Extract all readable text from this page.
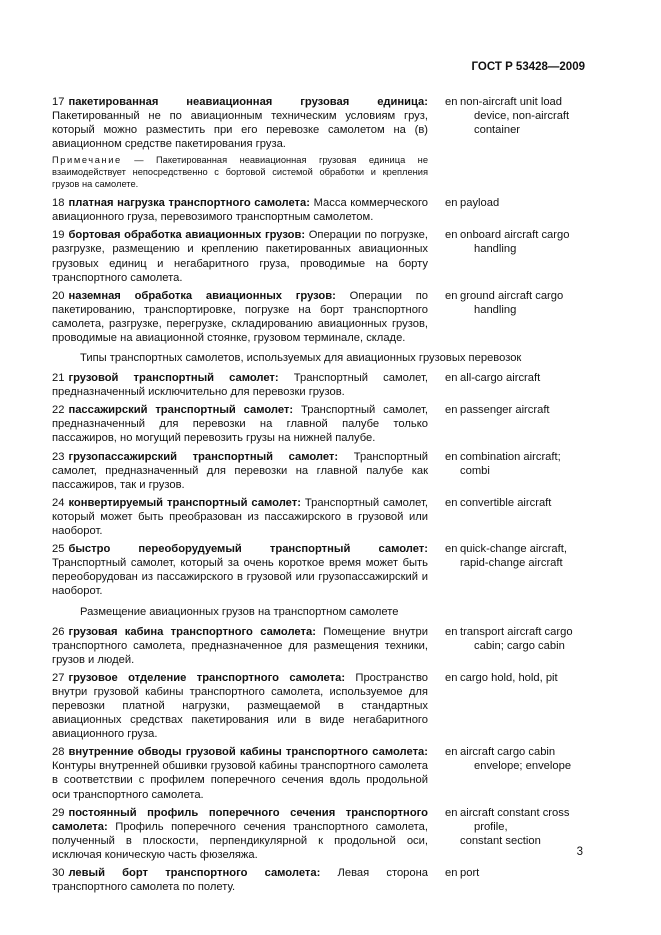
ГОСТ Р 53428—2009
17 пакетированная неавиационная грузовая единица: Пакетированный не по авиационным техническим условиям груз, который можно разместить при его перевозке самолетом на (в) авиационном средстве пакетирования груза.
en non-aircraft unit load device, non-aircraft container
Примечание — Пакетированная неавиационная грузовая единица не взаимодействует непосредственно с бортовой системой обработки и крепления грузов на самолете.
18 платная нагрузка транспортного самолета: Масса коммерческого авиационного груза, перевозимого транспортным самолетом.
en payload
19 бортовая обработка авиационных грузов: Операции по погрузке, разгрузке, размещению и креплению пакетированных авиационных грузовых единиц и негабаритного груза, проводимые на борту транспортного самолета.
en onboard aircraft cargo handling
20 наземная обработка авиационных грузов: Операции по пакетированию, транспортировке, погрузке на борт транспортного самолета, разгрузке, перегрузке, складированию авиационных грузов, проводимые на авиационной стоянке, грузовом терминале, складе.
en ground aircraft cargo handling
Типы транспортных самолетов, используемых для авиационных грузовых перевозок
21 грузовой транспортный самолет: Транспортный самолет, предназначенный исключительно для перевозки грузов.
en all-cargo aircraft
22 пассажирский транспортный самолет: Транспортный самолет, предназначенный для перевозки на главной палубе только пассажиров, но могущий перевозить грузы на нижней палубе.
en passenger aircraft
23 грузопассажирский транспортный самолет: Транспортный самолет, предназначенный для перевозки на главной палубе как пассажиров, так и грузов.
en combination aircraft;
combi
24 конвертируемый транспортный самолет: Транспортный самолет, который может быть преобразован из пассажирского в грузовой или наоборот.
en convertible aircraft
25 быстро переоборудуемый транспортный самолет: Транспортный самолет, который за очень короткое время может быть переоборудован из пассажирского в грузовой или грузопассажирский и наоборот.
en quick-change aircraft,
rapid-change aircraft
Размещение авиационных грузов на транспортном самолете
26 грузовая кабина транспортного самолета: Помещение внутри транспортного самолета, предназначенное для размещения техники, грузов и людей.
en transport aircraft cargo cabin; cargo cabin
27 грузовое отделение транспортного самолета: Пространство внутри грузовой кабины транспортного самолета, используемое для перевозки платной нагрузки, размещаемой в стандартных авиационных средствах пакетирования или в виде негабаритного авиационного груза.
en cargo hold, hold, pit
28 внутренние обводы грузовой кабины транспортного самолета: Контуры внутренней обшивки грузовой кабины транспортного самолета в соответствии с профилем поперечного сечения вдоль продольной оси транспортного самолета.
en aircraft cargo cabin envelope; envelope
29 постоянный профиль поперечного сечения транспортного самолета: Профиль поперечного сечения транспортного самолета, полученный в плоскости, перпендикулярной к продольной оси, исключая коническую часть фюзеляжа.
en aircraft constant cross profile,
constant section
30 левый борт транспортного самолета: Левая сторона транспортного самолета по полету.
en port
3
